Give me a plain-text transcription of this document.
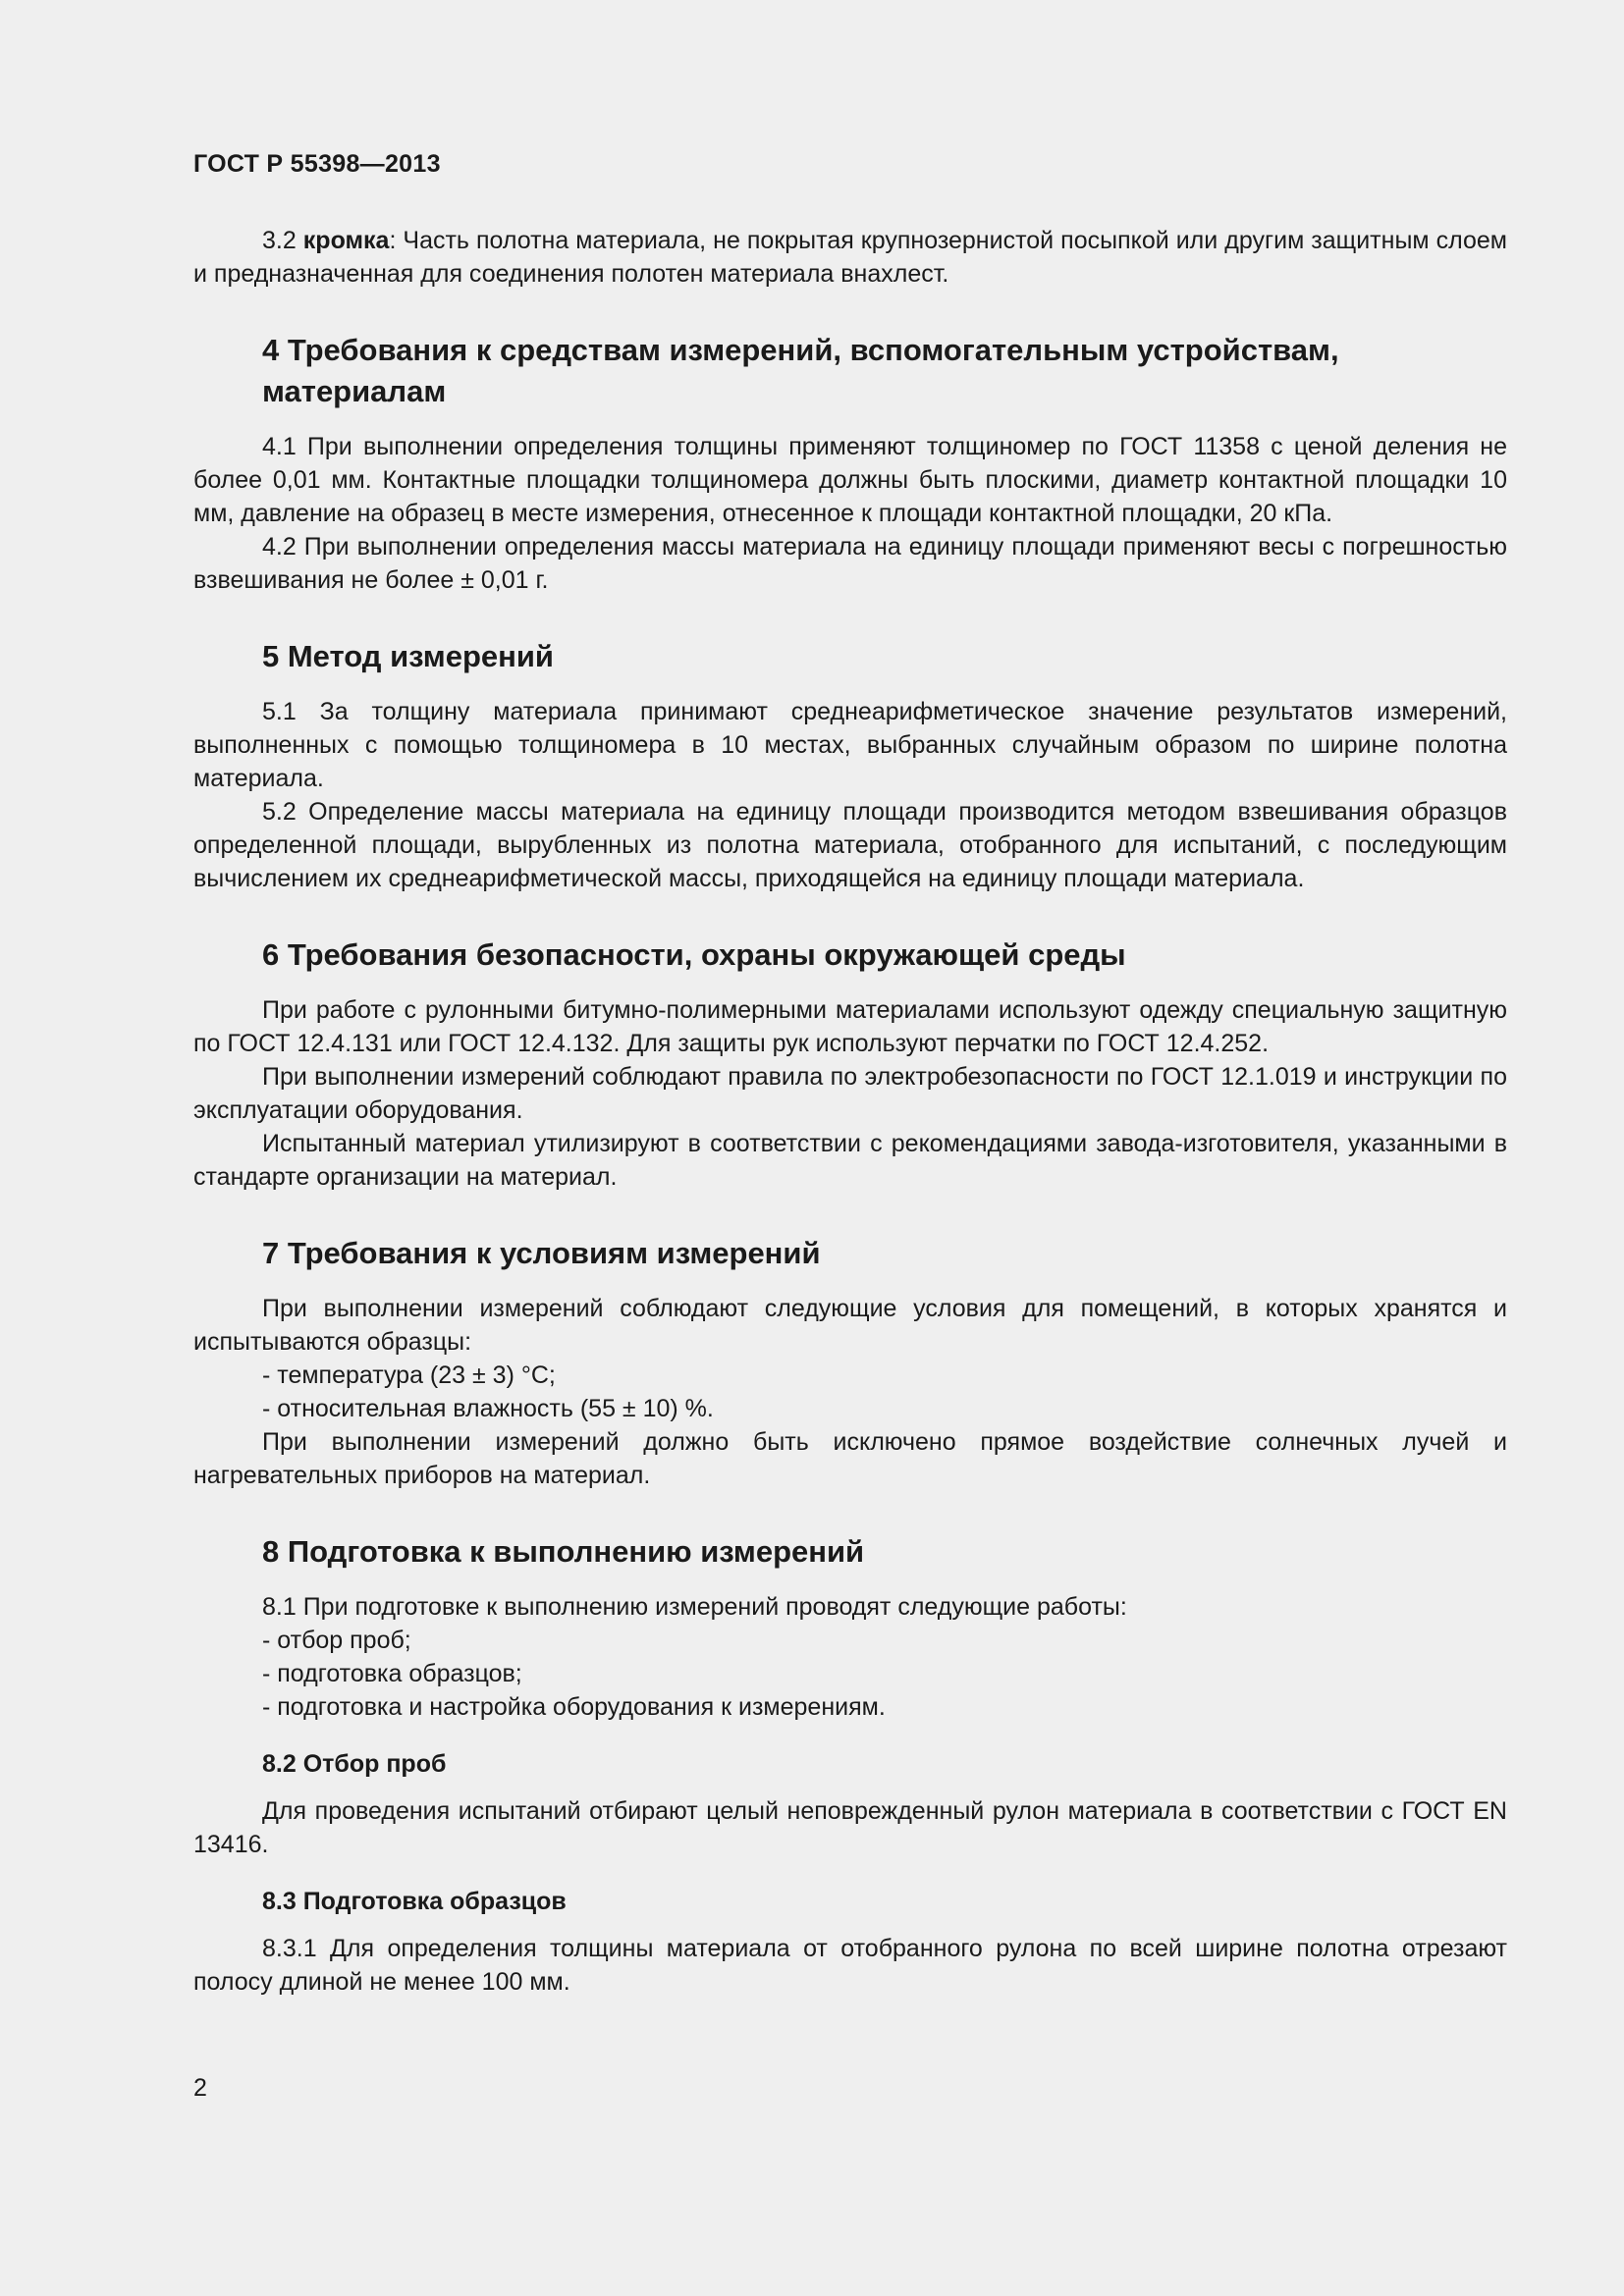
ГОСТ Р 55398—2013

3.2 кромка: Часть полотна материала, не покрытая крупнозернистой посыпкой или другим защитным слоем и предназначенная для соединения полотен материала внахлест.

4 Требования к средствам измерений, вспомогательным устройствам, материалам

4.1 При выполнении определения толщины применяют толщиномер по ГОСТ 11358 с ценой деления не более 0,01 мм. Контактные площадки толщиномера должны быть плоскими, диаметр контактной площадки 10 мм, давление на образец в месте измерения, отнесенное к площади контактной площадки, 20 кПа.

4.2 При выполнении определения массы материала на единицу площади применяют весы с погрешностью взвешивания не более ± 0,01 г.

5 Метод измерений

5.1 За толщину материала принимают среднеарифметическое значение результатов измерений, выполненных с помощью толщиномера в 10 местах, выбранных случайным образом по ширине полотна материала.

5.2 Определение массы материала на единицу площади производится методом взвешивания образцов определенной площади, вырубленных из полотна материала, отобранного для испытаний, с последующим вычислением их среднеарифметической массы, приходящейся на единицу площади материала.

6 Требования безопасности, охраны окружающей среды

При работе с рулонными битумно-полимерными материалами используют одежду специальную защитную по ГОСТ 12.4.131 или ГОСТ 12.4.132. Для защиты рук используют перчатки по ГОСТ 12.4.252.

При выполнении измерений соблюдают правила по электробезопасности по ГОСТ 12.1.019 и инструкции по эксплуатации оборудования.

Испытанный материал утилизируют в соответствии с рекомендациями завода-изготовителя, указанными в стандарте организации на материал.

7 Требования к условиям измерений

При выполнении измерений соблюдают следующие условия для помещений, в которых хранятся и испытываются образцы:

- температура (23 ± 3) °С;

- относительная влажность (55 ± 10) %.

При выполнении измерений должно быть исключено прямое воздействие солнечных лучей и нагревательных приборов на материал.

8 Подготовка к выполнению измерений

8.1 При подготовке к выполнению измерений проводят следующие работы:

- отбор проб;

- подготовка образцов;

- подготовка и настройка оборудования к измерениям.

8.2 Отбор проб

Для проведения испытаний отбирают целый неповрежденный рулон материала в соответствии с ГОСТ EN 13416.

8.3 Подготовка образцов

8.3.1 Для определения толщины материала от отобранного рулона по всей ширине полотна отрезают полосу длиной не менее 100 мм.

2
